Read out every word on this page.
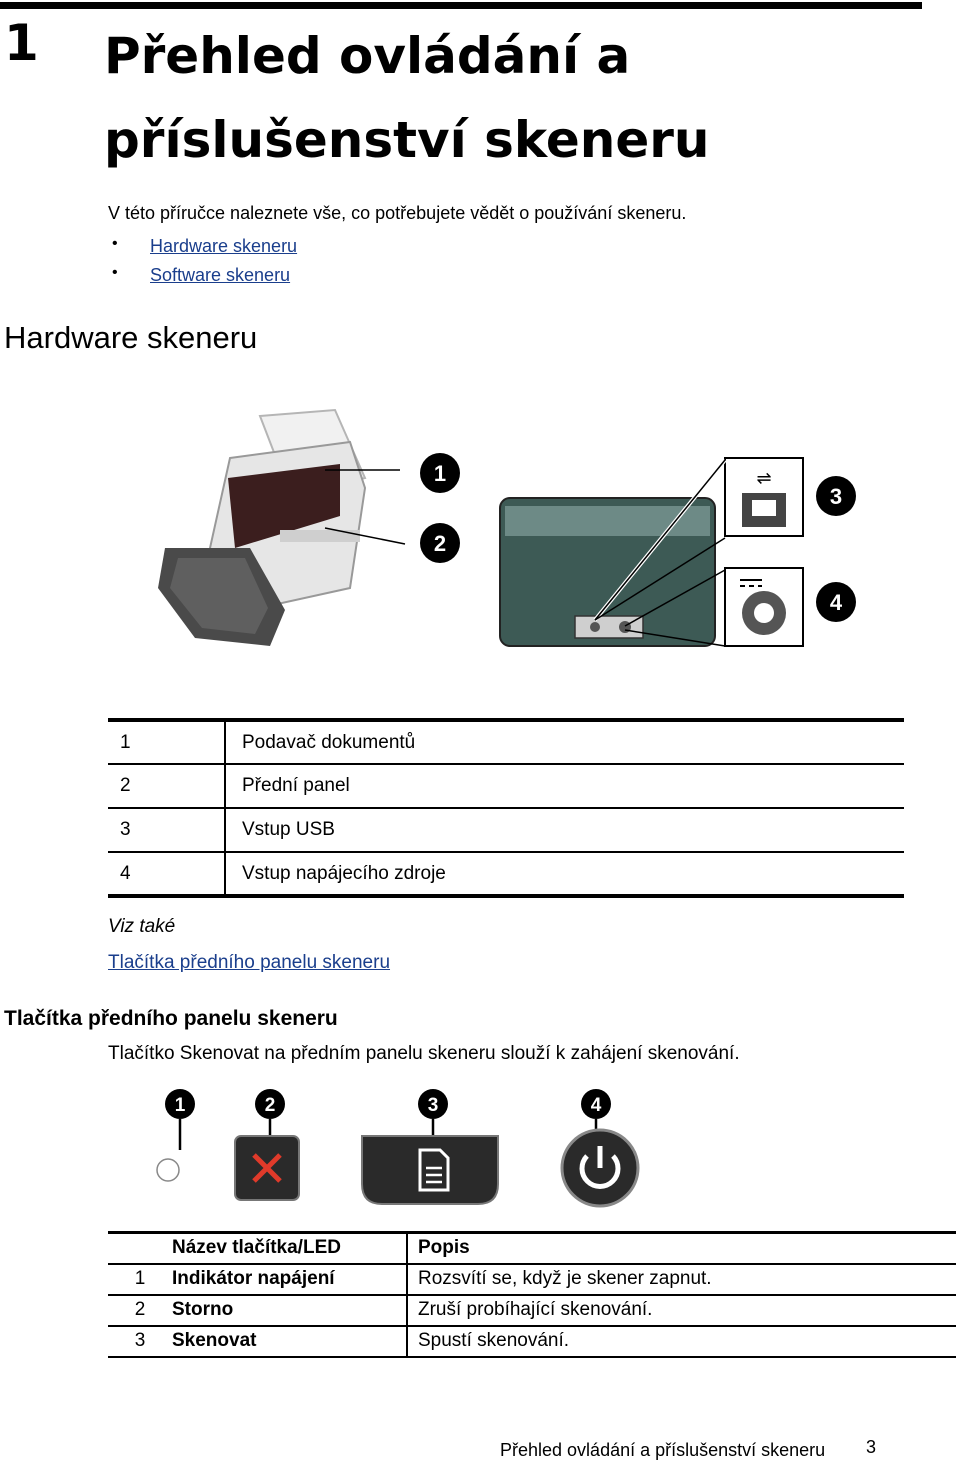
1 Přehled ovládání a příslušenství skeneru
V této příručce naleznete vše, co potřebujete vědět o používání skeneru.
• Hardware skeneru
• Software skeneru
Hardware skeneru
1
2
⇌
3
4
1	Podavač dokumentů
2	Přední panel
3	Vstup USB
4	Vstup napájecího zdroje
Viz také
Tlačítka předního panelu skeneru
Tlačítka předního panelu skeneru
Tlačítko Skenovat na předním panelu skeneru slouží k zahájení skenování.
1	2	3	4
	Název tlačítka/LED	Popis
1	Indikátor napájení	Rozsvítí se, když je skener zapnut.
2	Storno	Zruší probíhající skenování.
3	Skenovat	Spustí skenování.
Přehled ovládání a příslušenství skeneru 3
